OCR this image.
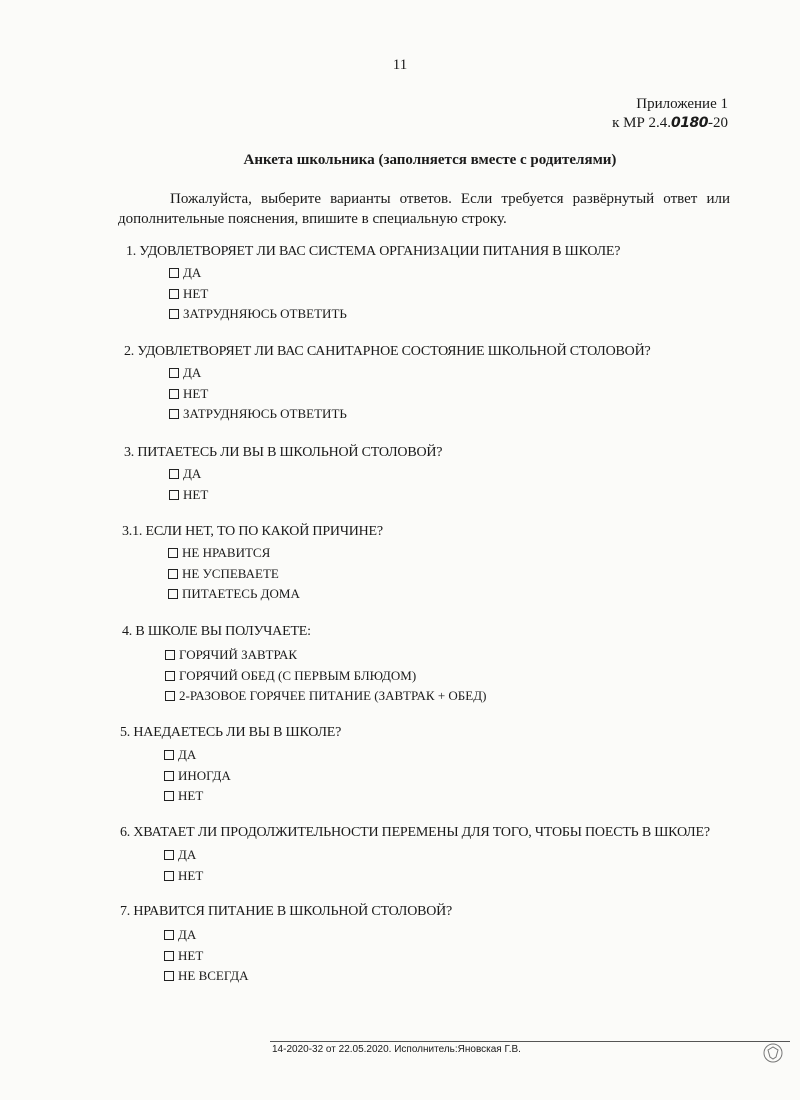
11
Приложение 1
к МР 2.4.0180-20
Анкета школьника (заполняется вместе с родителями)
Пожалуйста, выберите варианты ответов. Если требуется развёрнутый ответ или дополнительные пояснения, впишите в специальную строку.
1. УДОВЛЕТВОРЯЕТ ЛИ ВАС СИСТЕМА ОРГАНИЗАЦИИ ПИТАНИЯ В ШКОЛЕ?
ДА
НЕТ
ЗАТРУДНЯЮСЬ ОТВЕТИТЬ
2. УДОВЛЕТВОРЯЕТ ЛИ ВАС САНИТАРНОЕ СОСТОЯНИЕ ШКОЛЬНОЙ СТОЛОВОЙ?
ДА
НЕТ
ЗАТРУДНЯЮСЬ ОТВЕТИТЬ
3. ПИТАЕТЕСЬ ЛИ ВЫ В ШКОЛЬНОЙ СТОЛОВОЙ?
ДА
НЕТ
3.1. ЕСЛИ НЕТ, ТО ПО КАКОЙ ПРИЧИНЕ?
НЕ НРАВИТСЯ
НЕ УСПЕВАЕТЕ
ПИТАЕТЕСЬ ДОМА
4. В ШКОЛЕ ВЫ ПОЛУЧАЕТЕ:
ГОРЯЧИЙ ЗАВТРАК
ГОРЯЧИЙ ОБЕД (С ПЕРВЫМ БЛЮДОМ)
2-РАЗОВОЕ ГОРЯЧЕЕ ПИТАНИЕ (ЗАВТРАК + ОБЕД)
5. НАЕДАЕТЕСЬ ЛИ ВЫ В ШКОЛЕ?
ДА
ИНОГДА
НЕТ
6. ХВАТАЕТ ЛИ ПРОДОЛЖИТЕЛЬНОСТИ ПЕРЕМЕНЫ ДЛЯ ТОГО, ЧТОБЫ ПОЕСТЬ В ШКОЛЕ?
ДА
НЕТ
7. НРАВИТСЯ ПИТАНИЕ В ШКОЛЬНОЙ СТОЛОВОЙ?
ДА
НЕТ
НЕ ВСЕГДА
14-2020-32 от 22.05.2020. Исполнитель:Яновская Г.В.
